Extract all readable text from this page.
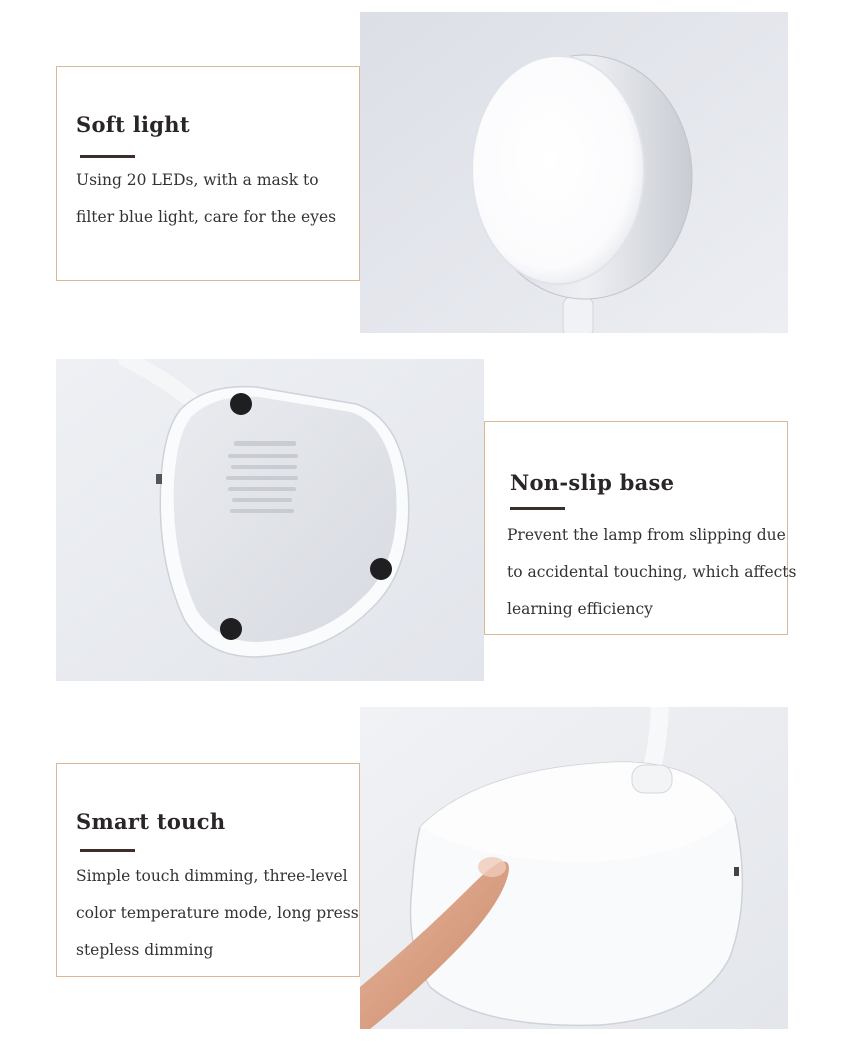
Soft light
Using 20 LEDs, with a mask to
filter blue light, care for the eyes
Non-slip base
Prevent the lamp from slipping due
to accidental touching, which affects
learning efficiency
Smart touch
Simple touch dimming, three-level
color temperature mode, long press
stepless dimming
